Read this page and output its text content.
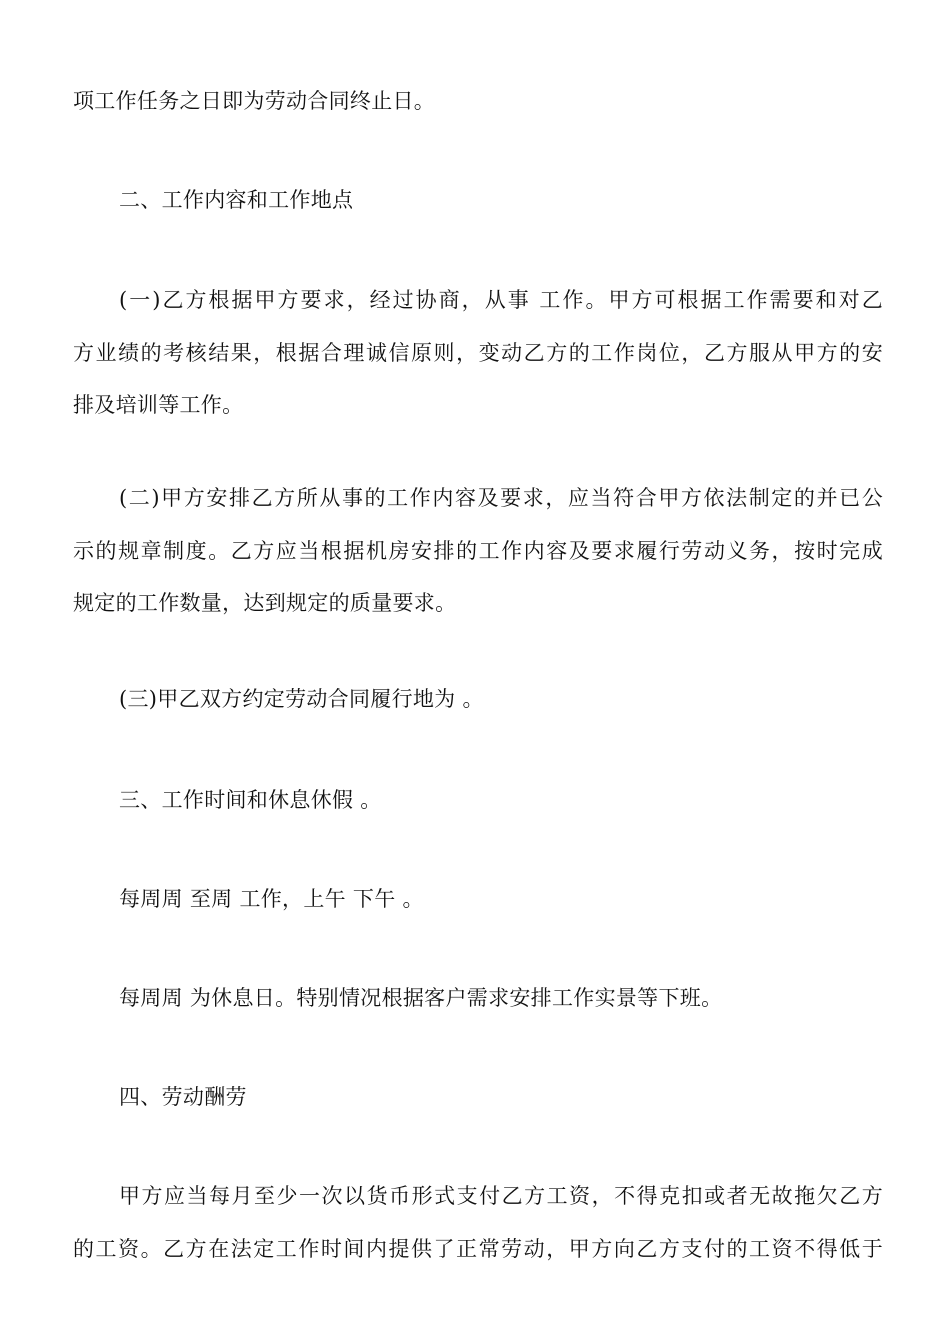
项工作任务之日即为劳动合同终止日。
二、工作内容和工作地点
(一)乙方根据甲方要求，经过协商，从事 工作。甲方可根据工作需要和对乙
方业绩的考核结果，根据合理诚信原则，变动乙方的工作岗位，乙方服从甲方的安
排及培训等工作。
(二)甲方安排乙方所从事的工作内容及要求，应当符合甲方依法制定的并已公
示的规章制度。乙方应当根据机房安排的工作内容及要求履行劳动义务，按时完成
规定的工作数量，达到规定的质量要求。
(三)甲乙双方约定劳动合同履行地为 。
三、工作时间和休息休假 。
每周周 至周 工作，上午 下午 。
每周周 为休息日。特别情况根据客户需求安排工作实景等下班。
四、劳动酬劳
甲方应当每月至少一次以货币形式支付乙方工资，不得克扣或者无故拖欠乙方
的工资。乙方在法定工作时间内提供了正常劳动，甲方向乙方支付的工资不得低于
